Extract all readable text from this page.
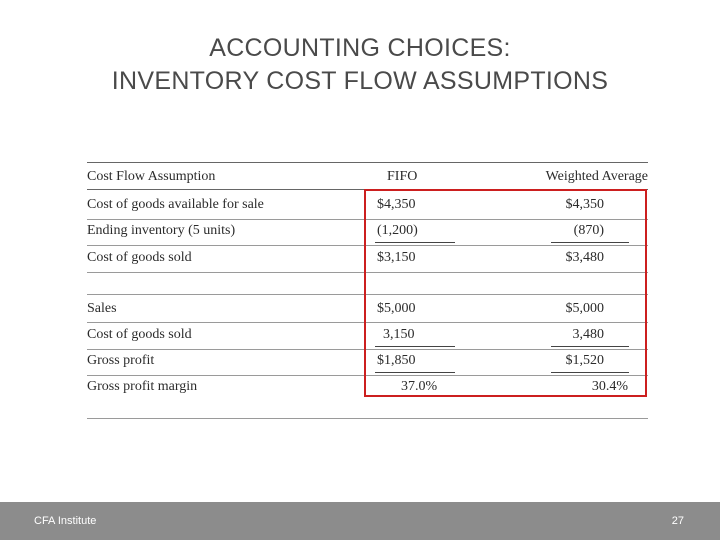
ACCOUNTING CHOICES:
INVENTORY COST FLOW ASSUMPTIONS
Cost Flow Assumption	FIFO	Weighted Average
Cost of goods available for sale	$4,350	$4,350
Ending inventory (5 units)	(1,200)	(870)
Cost of goods sold	$3,150	$3,480
Sales	$5,000	$5,000
Cost of goods sold	3,150	3,480
Gross profit	$1,850	$1,520
Gross profit margin	37.0%	30.4%
CFA Institute	27
